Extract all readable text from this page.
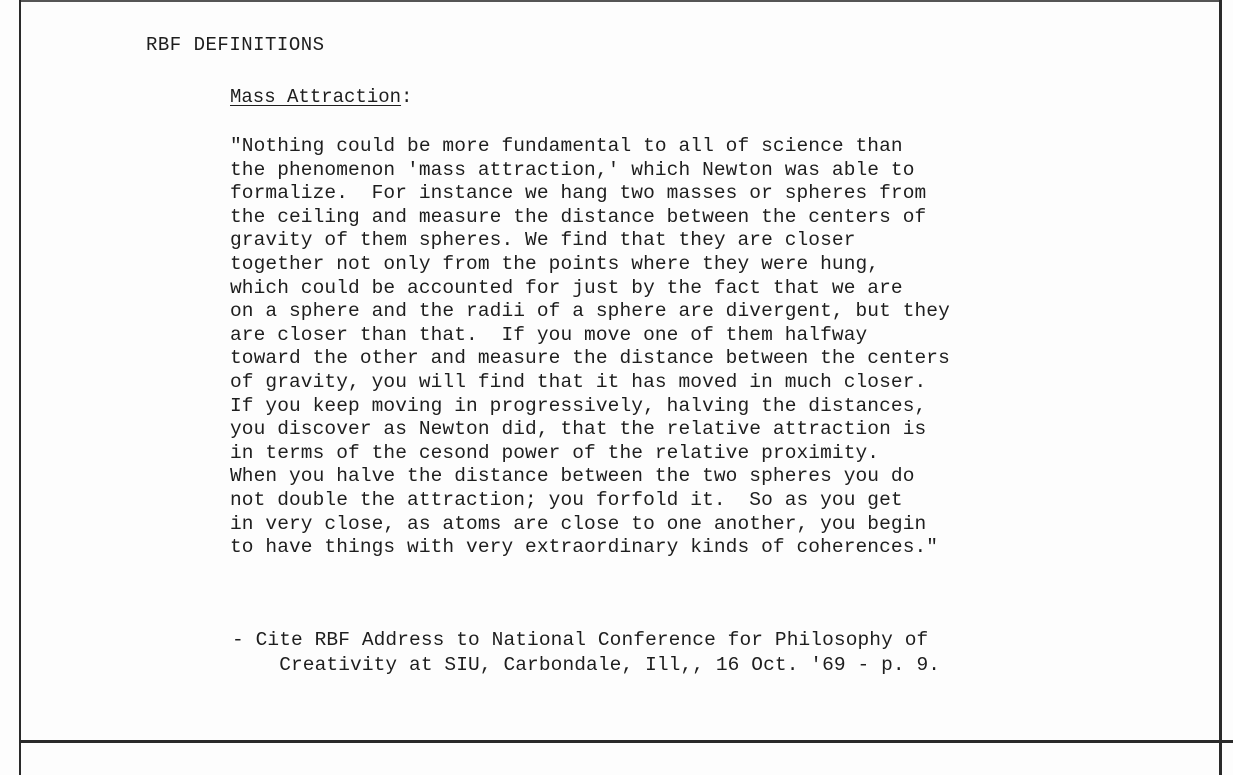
RBF DEFINITIONS
Mass Attraction:
"Nothing could be more fundamental to all of science than
the phenomenon 'mass attraction,' which Newton was able to
formalize.  For instance we hang two masses or spheres from
the ceiling and measure the distance between the centers of
gravity of them spheres. We find that they are closer
together not only from the points where they were hung,
which could be accounted for just by the fact that we are
on a sphere and the radii of a sphere are divergent, but they
are closer than that.  If you move one of them halfway
toward the other and measure the distance between the centers
of gravity, you will find that it has moved in much closer.
If you keep moving in progressively, halving the distances,
you discover as Newton did, that the relative attraction is
in terms of the cesond power of the relative proximity.
When you halve the distance between the two spheres you do
not double the attraction; you forfold it.  So as you get
in very close, as atoms are close to one another, you begin
to have things with very extraordinary kinds of coherences."
- Cite RBF Address to National Conference for Philosophy of
Creativity at SIU, Carbondale, Ill,, 16 Oct. '69 - p. 9.
